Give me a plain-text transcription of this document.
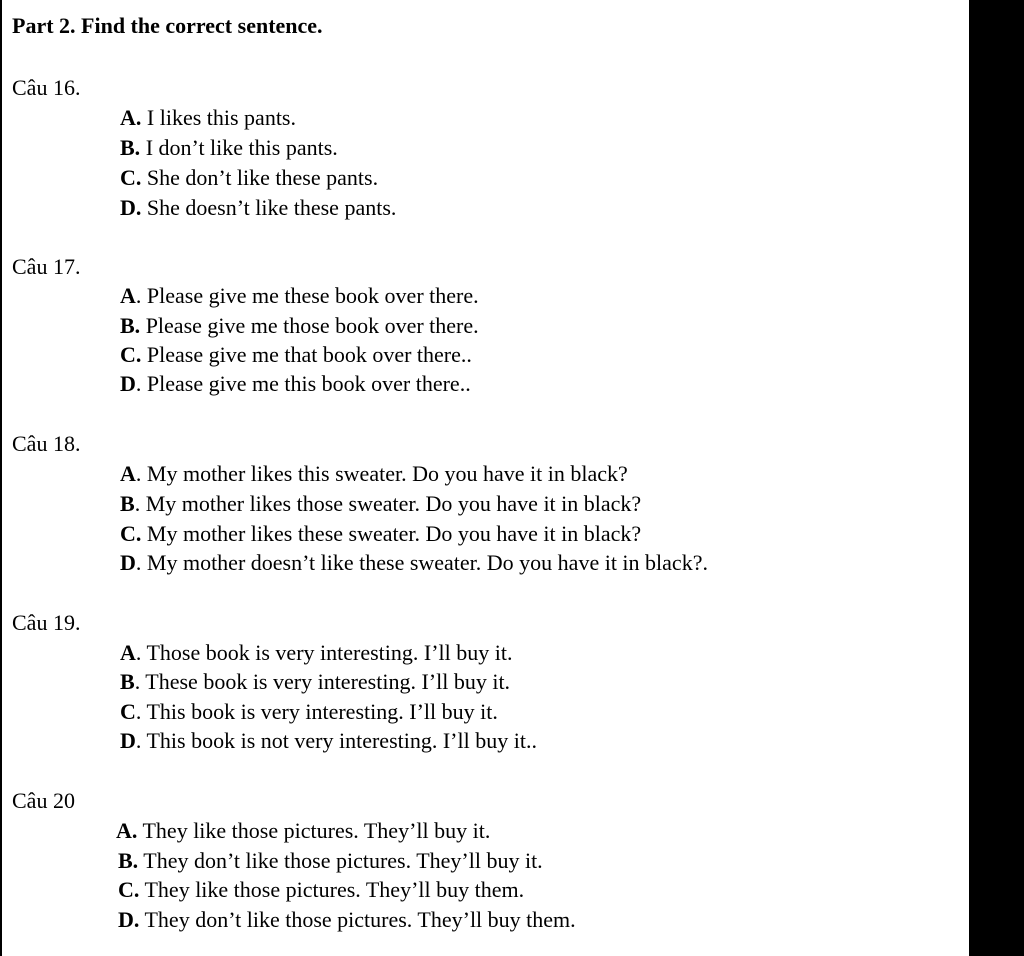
Part 2. Find the correct sentence.
Câu 16.
A. I likes this pants.
B. I don’t like this pants.
C. She don’t like these pants.
D. She doesn’t like these pants.
Câu 17.
A. Please give me these book over there.
B. Please give me those book over there.
C. Please give me that book over there..
D. Please give me this book over there..
Câu 18.
A. My mother likes this sweater. Do you have it in black?
B. My mother likes those sweater. Do you have it in black?
C. My mother likes these sweater. Do you have it in black?
D. My mother doesn’t like these sweater. Do you have it in black?.
Câu 19.
A. Those book is very interesting. I’ll buy it.
B. These book is very interesting. I’ll buy it.
C. This book is very interesting. I’ll buy it.
D. This book is not very interesting. I’ll buy it..
Câu 20
A. They like those pictures. They’ll buy it.
B. They don’t like those pictures. They’ll buy it.
C. They like those pictures. They’ll buy them.
D. They don’t like those pictures. They’ll buy them.
